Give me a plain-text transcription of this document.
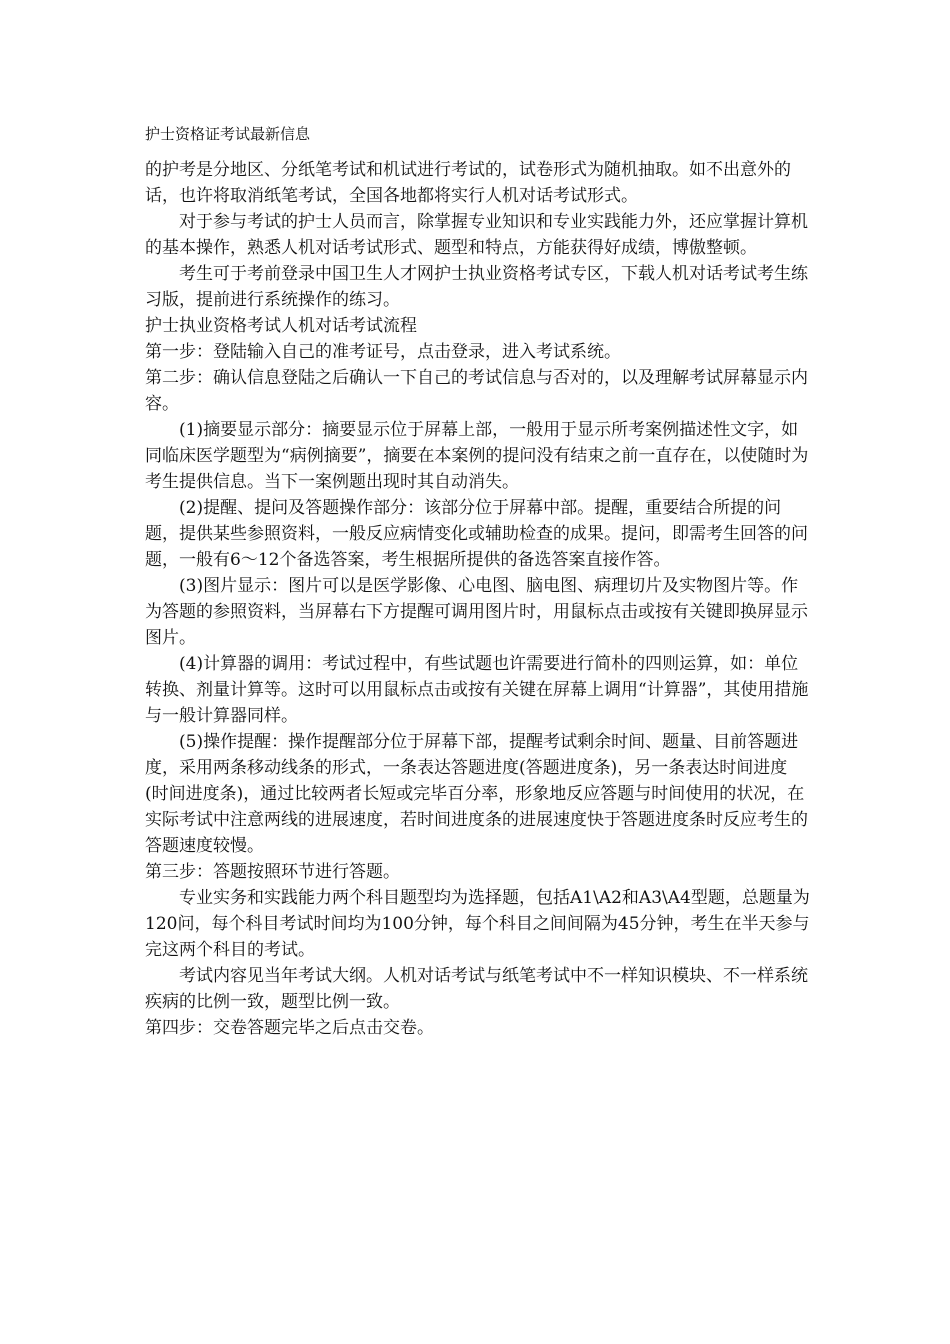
护士资格证考试最新信息

的护考是分地区、分纸笔考试和机试进行考试的，试卷形式为随机抽取。如不出意外的话，也许将取消纸笔考试，全国各地都将实行人机对话考试形式。

对于参与考试的护士人员而言，除掌握专业知识和专业实践能力外，还应掌握计算机的基本操作，熟悉人机对话考试形式、题型和特点，方能获得好成绩，博傲整顿。

考生可于考前登录中国卫生人才网护士执业资格考试专区，下载人机对话考试考生练习版，提前进行系统操作的练习。

护士执业资格考试人机对话考试流程

第一步：登陆输入自己的准考证号，点击登录，进入考试系统。

第二步：确认信息登陆之后确认一下自己的考试信息与否对的，以及理解考试屏幕显示内容。

(1)摘要显示部分：摘要显示位于屏幕上部，一般用于显示所考案例描述性文字，如同临床医学题型为“病例摘要”，摘要在本案例的提问没有结束之前一直存在，以使随时为考生提供信息。当下一案例题出现时其自动消失。

(2)提醒、提问及答题操作部分：该部分位于屏幕中部。提醒，重要结合所提的问题，提供某些参照资料，一般反应病情变化或辅助检查的成果。提问，即需考生回答的问题，一般有6～12个备选答案，考生根据所提供的备选答案直接作答。

(3)图片显示：图片可以是医学影像、心电图、脑电图、病理切片及实物图片等。作为答题的参照资料，当屏幕右下方提醒可调用图片时，用鼠标点击或按有关键即换屏显示图片。

(4)计算器的调用：考试过程中，有些试题也许需要进行简朴的四则运算，如：单位转换、剂量计算等。这时可以用鼠标点击或按有关键在屏幕上调用“计算器”，其使用措施与一般计算器同样。

(5)操作提醒：操作提醒部分位于屏幕下部，提醒考试剩余时间、题量、目前答题进度，采用两条移动线条的形式，一条表达答题进度(答题进度条)，另一条表达时间进度(时间进度条)，通过比较两者长短或完毕百分率，形象地反应答题与时间使用的状况，在实际考试中注意两线的进展速度，若时间进度条的进展速度快于答题进度条时反应考生的答题速度较慢。

第三步：答题按照环节进行答题。

专业实务和实践能力两个科目题型均为选择题，包括A1\A2和A3\A4型题，总题量为120问，每个科目考试时间均为100分钟，每个科目之间间隔为45分钟，考生在半天参与完这两个科目的考试。

考试内容见当年考试大纲。人机对话考试与纸笔考试中不一样知识模块、不一样系统疾病的比例一致，题型比例一致。

第四步：交卷答题完毕之后点击交卷。
